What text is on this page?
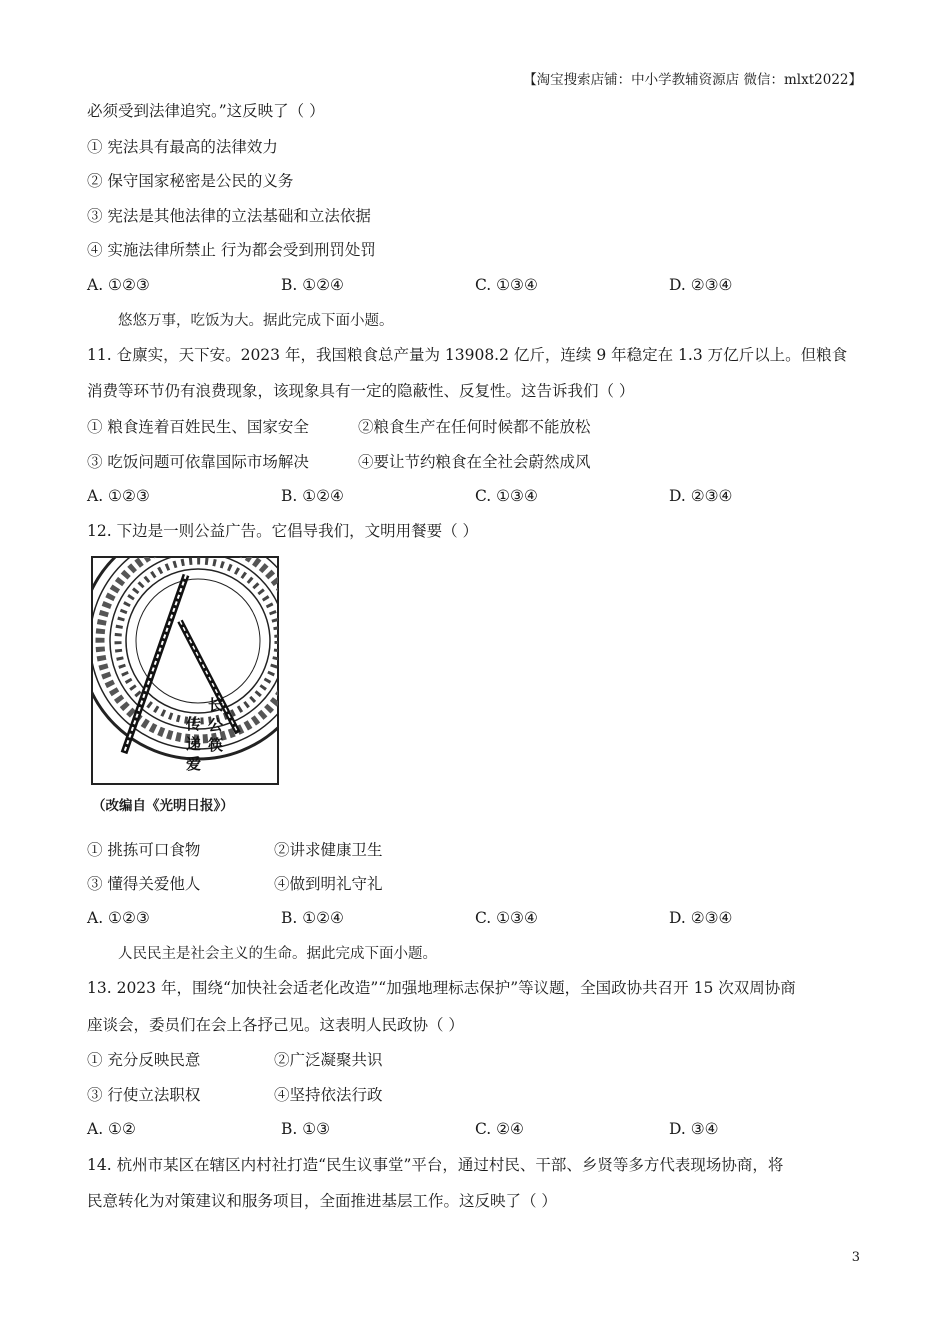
【淘宝搜索店铺：中小学教辅资源店 微信：mlxt2022】
必须受到法律追究。”这反映了（ ）
① 宪法具有最高的法律效力
② 保守国家秘密是公民的义务
③ 宪法是其他法律的立法基础和立法依据
④ 实施法律所禁止 行为都会受到刑罚处罚
A. ①②③	B. ①②④	C. ①③④	D. ②③④
悠悠万事，吃饭为大。据此完成下面小题。
11. 仓廪实，天下安。2023 年，我国粮食总产量为 13908.2 亿斤，连续 9 年稳定在 1.3 万亿斤以上。但粮食
消费等环节仍有浪费现象，该现象具有一定的隐蔽性、反复性。这告诉我们（ ）
① 粮食连着百姓民生、国家安全	②粮食生产在任何时候都不能放松
③ 吃饭问题可依靠国际市场解决	④要让节约粮食在全社会蔚然成风
A. ①②③	B. ①②④	C. ①③④	D. ②③④
12. 下边是一则公益广告。它倡导我们，文明用餐要（ ）
传
递
爱
长
公
筷
（改编自《光明日报》）
① 挑拣可口食物	②讲求健康卫生
③ 懂得关爱他人	④做到明礼守礼
A. ①②③	B. ①②④	C. ①③④	D. ②③④
人民民主是社会主义的生命。据此完成下面小题。
13. 2023 年，围绕“加快社会适老化改造”“加强地理标志保护”等议题，全国政协共召开 15 次双周协商
座谈会，委员们在会上各抒己见。这表明人民政协（ ）
① 充分反映民意	②广泛凝聚共识
③ 行使立法职权	④坚持依法行政
A. ①②	B. ①③	C. ②④	D. ③④
14. 杭州市某区在辖区内村社打造“民生议事堂”平台，通过村民、干部、乡贤等多方代表现场协商，将
民意转化为对策建议和服务项目，全面推进基层工作。这反映了（ ）
3
